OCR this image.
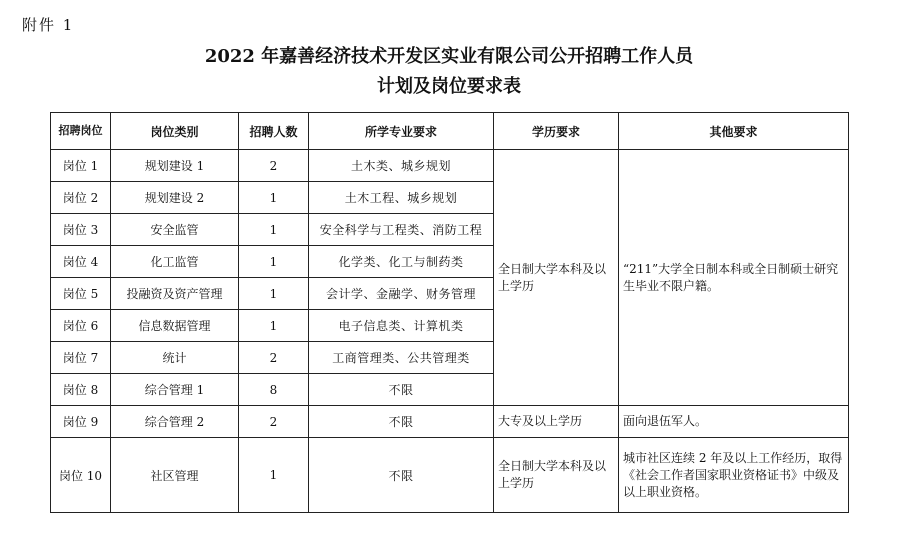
附件 1
2022 年嘉善经济技术开发区实业有限公司公开招聘工作人员
计划及岗位要求表
招聘岗位	岗位类别	招聘人数	所学专业要求	学历要求	其他要求
岗位 1	规划建设 1	2	土木类、城乡规划	全日制大学本科及以上学历	“211”大学全日制本科或全日制硕士研究生毕业不限户籍。
岗位 2	规划建设 2	1	土木工程、城乡规划		
岗位 3	安全监管	1	安全科学与工程类、消防工程		
岗位 4	化工监管	1	化学类、化工与制药类		
岗位 5	投融资及资产管理	1	会计学、金融学、财务管理		
岗位 6	信息数据管理	1	电子信息类、计算机类		
岗位 7	统计	2	工商管理类、公共管理类		
岗位 8	综合管理 1	8	不限		
岗位 9	综合管理 2	2	不限	大专及以上学历	面向退伍军人。
岗位 10	社区管理	1	不限	全日制大学本科及以上学历	城市社区连续 2 年及以上工作经历，取得《社会工作者国家职业资格证书》中级及以上职业资格。
